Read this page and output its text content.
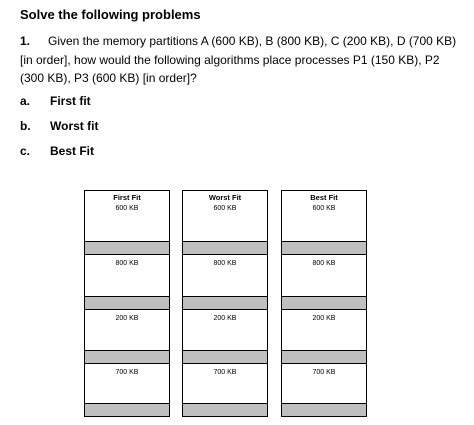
Solve the following problems
1. Given the memory partitions A (600 KB), B (800 KB), C (200 KB), D (700 KB) [in order], how would the following algorithms place processes P1 (150 KB), P2 (300 KB), P3 (600 KB) [in order]?
a. First fit
b. Worst fit
c. Best Fit
First Fit
600 KB
800 KB
200 KB
700 KB
Worst Fit
600 KB
800 KB
200 KB
700 KB
Best Fit
600 KB
800 KB
200 KB
700 KB
